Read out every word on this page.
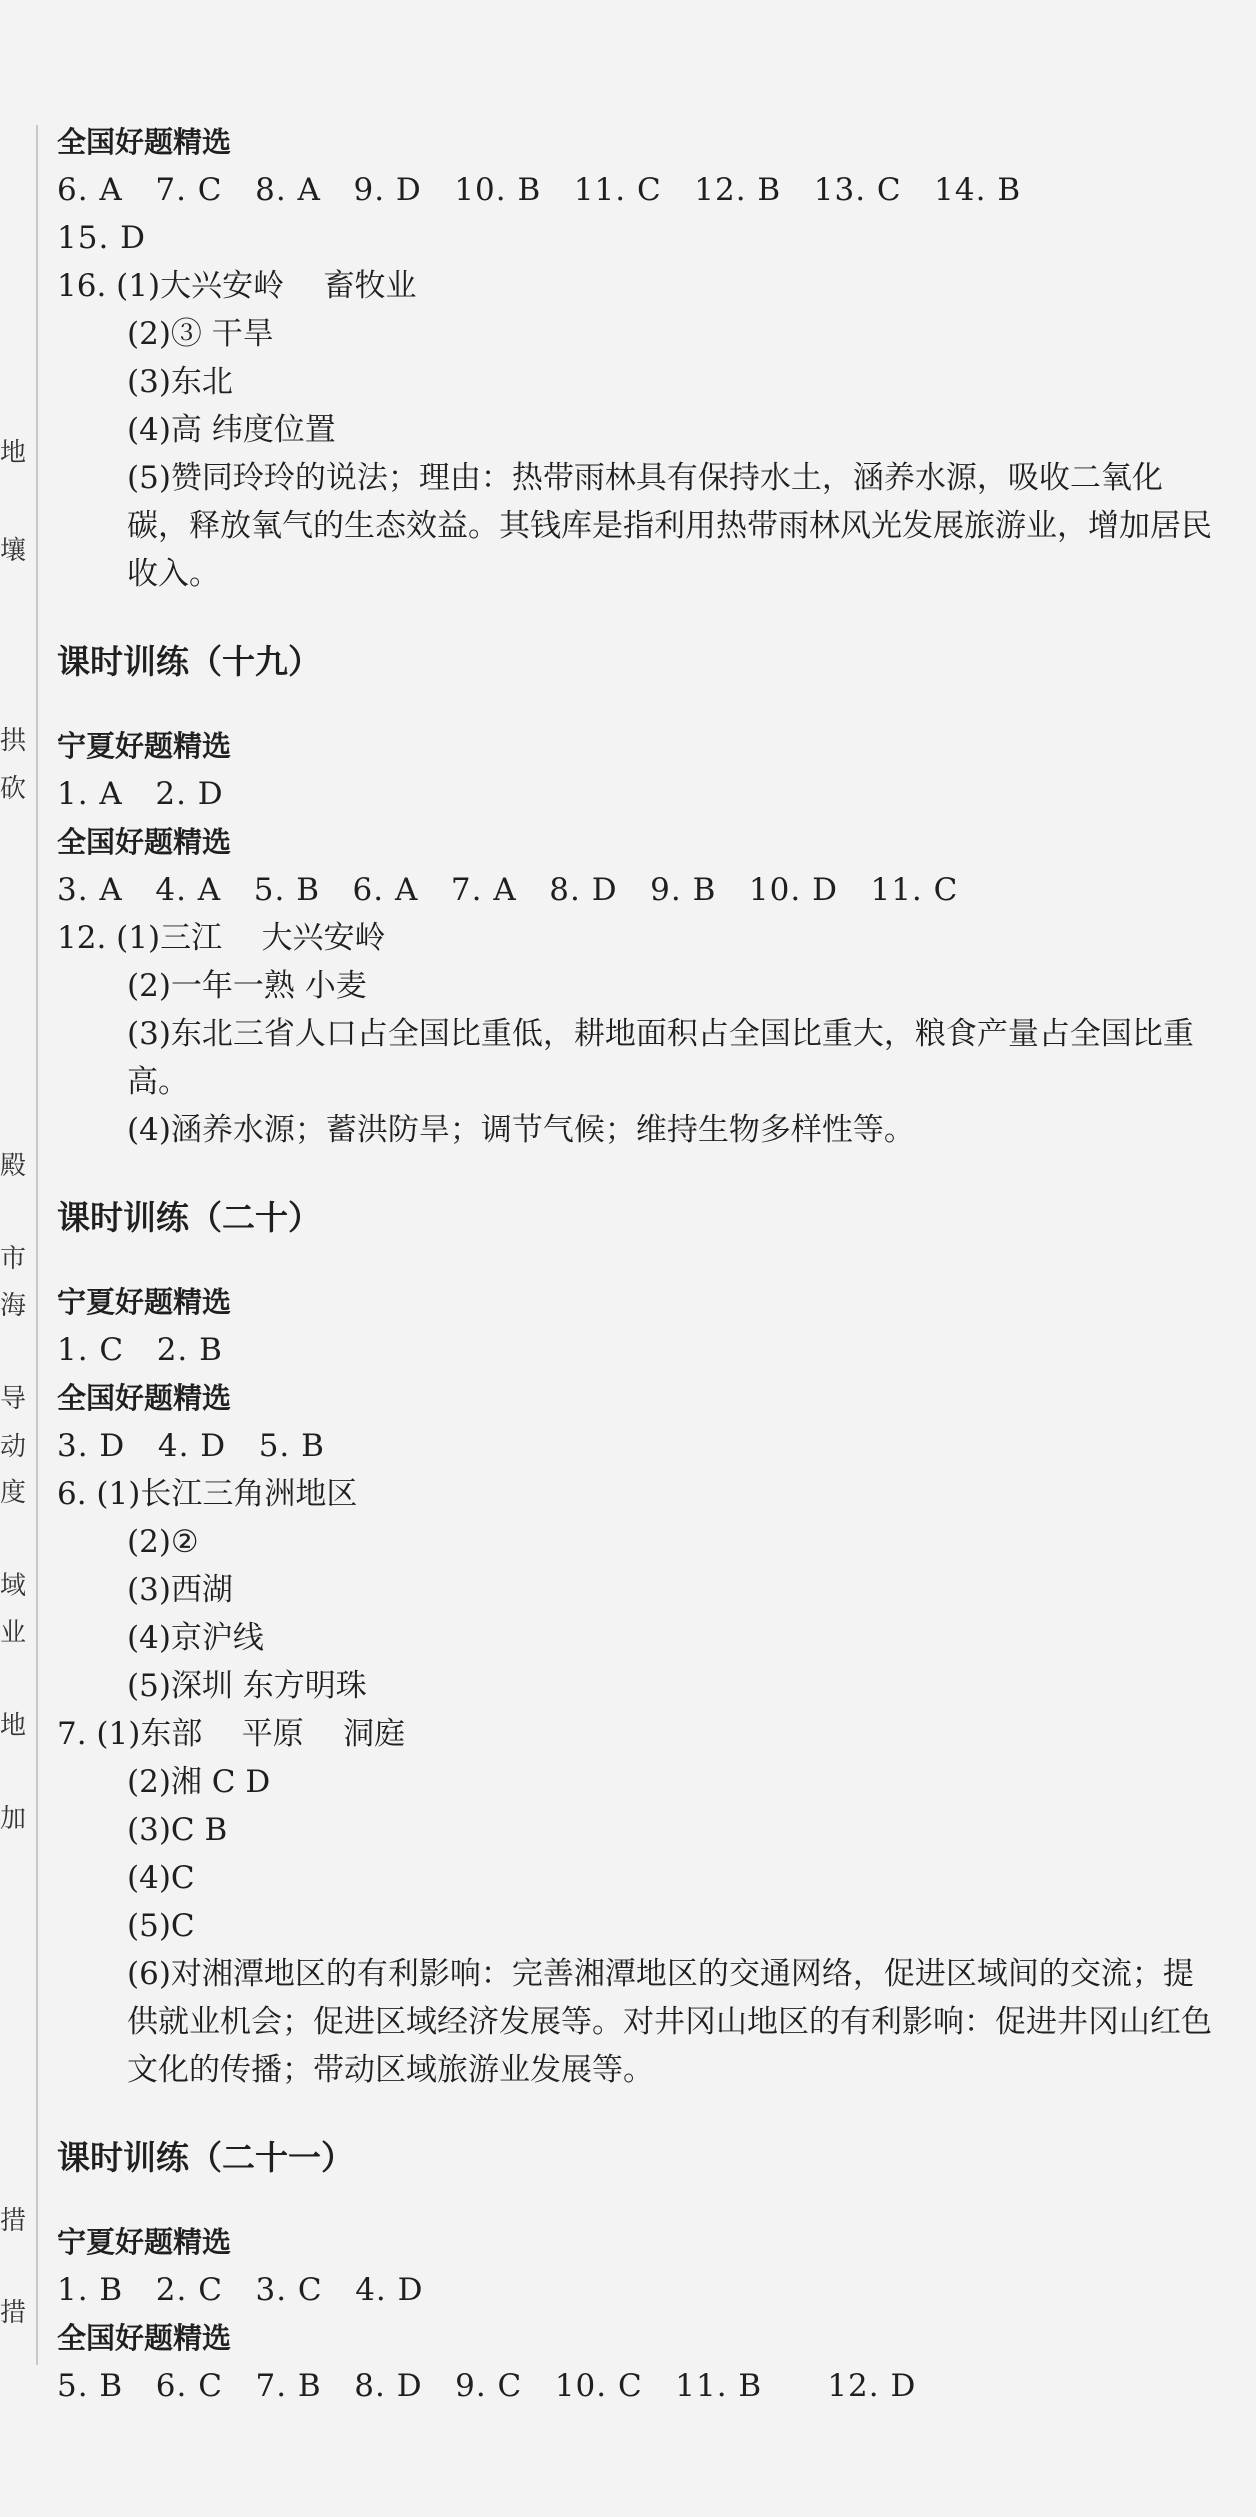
地
壤
拱
砍
殿
市
海
导
动
度
域
业
地
加
措
措
全国好题精选
6. A   7. C   8. A   9. D   10. B   11. C   12. B   13. C   14. B
15. D
16. (1)大兴安岭    畜牧业
(2)③ 干旱
(3)东北
(4)高 纬度位置
(5)赞同玲玲的说法；理由：热带雨林具有保持水土，涵养水源，吸收二氧化碳，释放氧气的生态效益。其钱库是指利用热带雨林风光发展旅游业，增加居民收入。
课时训练（十九）
宁夏好题精选
1. A   2. D
全国好题精选
3. A   4. A   5. B   6. A   7. A   8. D   9. B   10. D   11. C
12. (1)三江    大兴安岭
(2)一年一熟 小麦
(3)东北三省人口占全国比重低，耕地面积占全国比重大，粮食产量占全国比重高。
(4)涵养水源；蓄洪防旱；调节气候；维持生物多样性等。
课时训练（二十）
宁夏好题精选
1. C   2. B
全国好题精选
3. D   4. D   5. B
6. (1)长江三角洲地区
(2)②
(3)西湖
(4)京沪线
(5)深圳 东方明珠
7. (1)东部    平原    洞庭
(2)湘 C D
(3)C B
(4)C
(5)C
(6)对湘潭地区的有利影响：完善湘潭地区的交通网络，促进区域间的交流；提供就业机会；促进区域经济发展等。对井冈山地区的有利影响：促进井冈山红色文化的传播；带动区域旅游业发展等。
课时训练（二十一）
宁夏好题精选
1. B   2. C   3. C   4. D
全国好题精选
5. B   6. C   7. B   8. D   9. C   10. C   11. B      12. D
